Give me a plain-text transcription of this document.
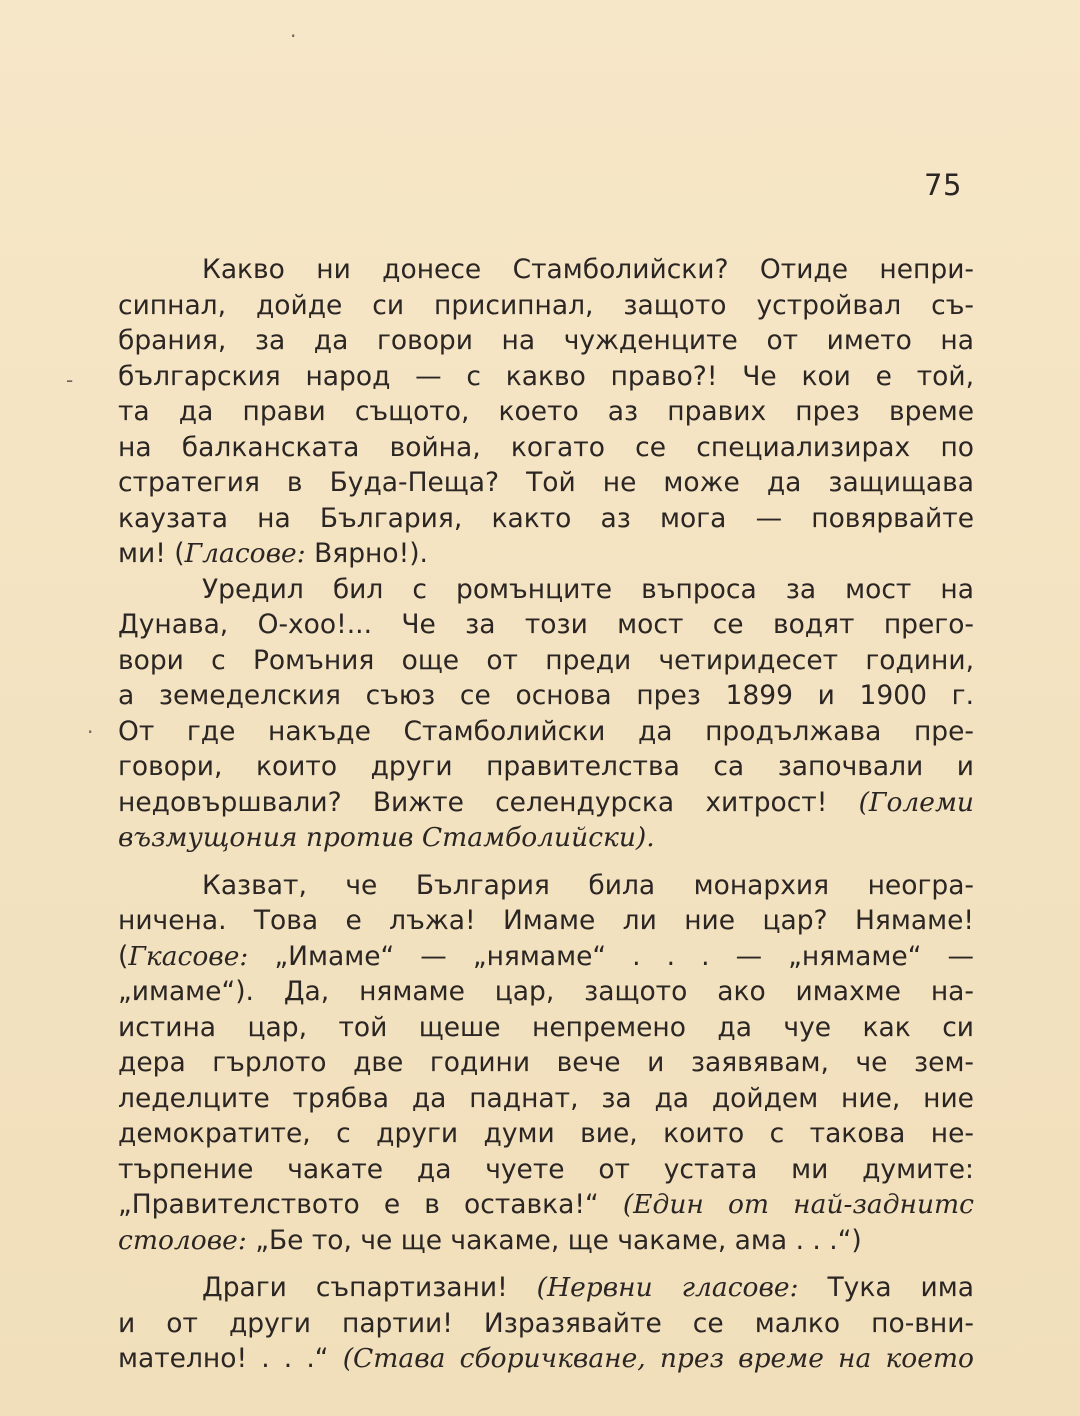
·
-
·
75
Какво ни донесе Стамболийски? Отиде непри-
сипнал, дойде си присипнал, защото устройвал съ-
брания, за да говори на чужденците от името на
българския народ — с какво право?! Че кои е той,
та да прави същото, което аз правих през време
на балканската война, когато се специализирах по
стратегия в Буда-Пеща? Той не може да защищава
каузата на България, както аз мога — повярвайте
ми! (Гласове: Вярно!).
Уредил бил с ромънците въпроса за мост на
Дунава, О-хоо!... Че за този мост се водят прего-
вори с Ромъния още от преди четиридесет години,
а земеделския съюз се основа през 1899 и 1900 г.
От где накъде Стамболийски да продължава пре-
говори, които други правителства са започвали и
недовършвали? Вижте селендурска хитрост! (Големи
възмущония против Стамболийски).
Казват, че България била монархия неогра-
ничена. Това е лъжа! Имаме ли ние цар? Нямаме!
(Гкасове: „Имаме“ — „нямаме“ . . . — „нямаме“ —
„имаме“). Да, нямаме цар, защото ако имахме на-
истина цар, той щеше непремено да чуе как си
дера гърлото две години вече и заявявам, че зем-
леделците трябва да паднат, за да дойдем ние, ние
демократите, с други думи вие, които с такова не-
търпение чакате да чуете от устата ми думите:
„Правителството е в оставка!“ (Един от най-заднитс
столове: „Бе то, че ще чакаме, ще чакаме, ама . . .“)
Драги съпартизани! (Нервни гласове: Тука има
и от други партии! Изразявайте се малко по-вни-
мателно! . . .“ (Става сборичкване, през време на което
